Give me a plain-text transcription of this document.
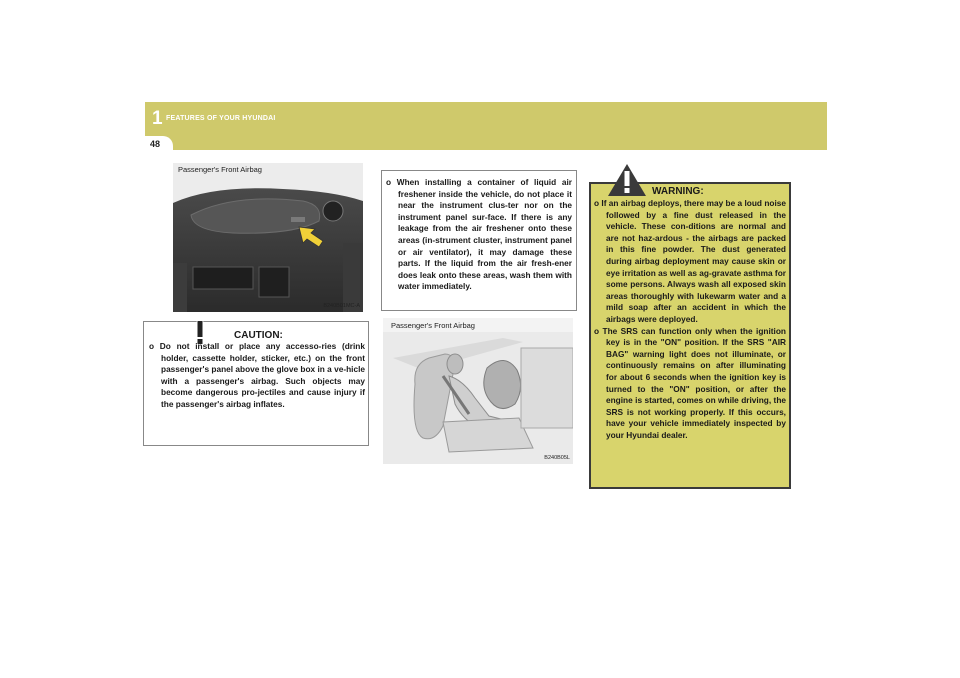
1 FEATURES OF YOUR HYUNDAI
48
Passenger's Front Airbag
B240B01MC-A
CAUTION:
o Do not install or place any accesso-ries (drink holder, cassette holder, sticker, etc.) on the front passenger's panel above the glove box in a ve-hicle with a passenger's airbag. Such objects may become dangerous pro-jectiles and cause injury if the passenger's airbag inflates.
o When installing a container of liquid air freshener inside the vehicle, do not place it near the instrument clus-ter nor on the instrument panel sur-face. If there is any leakage from the air freshener onto these areas (in-strument cluster, instrument panel or air ventilator), it may damage these parts. If the liquid from the air fresh-ener does leak onto these areas, wash them with water immediately.
Passenger's Front Airbag
B240B05L
WARNING:
o If an airbag deploys, there may be a loud noise followed by a fine dust released in the vehicle. These con-ditions are normal and are not haz-ardous - the airbags are packed in this fine powder. The dust generated during airbag deployment may cause skin or eye irritation as well as ag-gravate asthma for some persons. Always wash all exposed skin areas thoroughly with lukewarm water and a mild soap after an accident in which the airbags were deployed.
o The SRS can function only when the ignition key is in the "ON" position. If the SRS "AIR BAG" warning light does not illuminate, or continuously remains on after illuminating for about 6 seconds when the ignition key is turned to the "ON" position, or after the engine is started, comes on while driving, the SRS is not working properly. If this occurs, have your vehicle immediately inspected by your Hyundai dealer.
